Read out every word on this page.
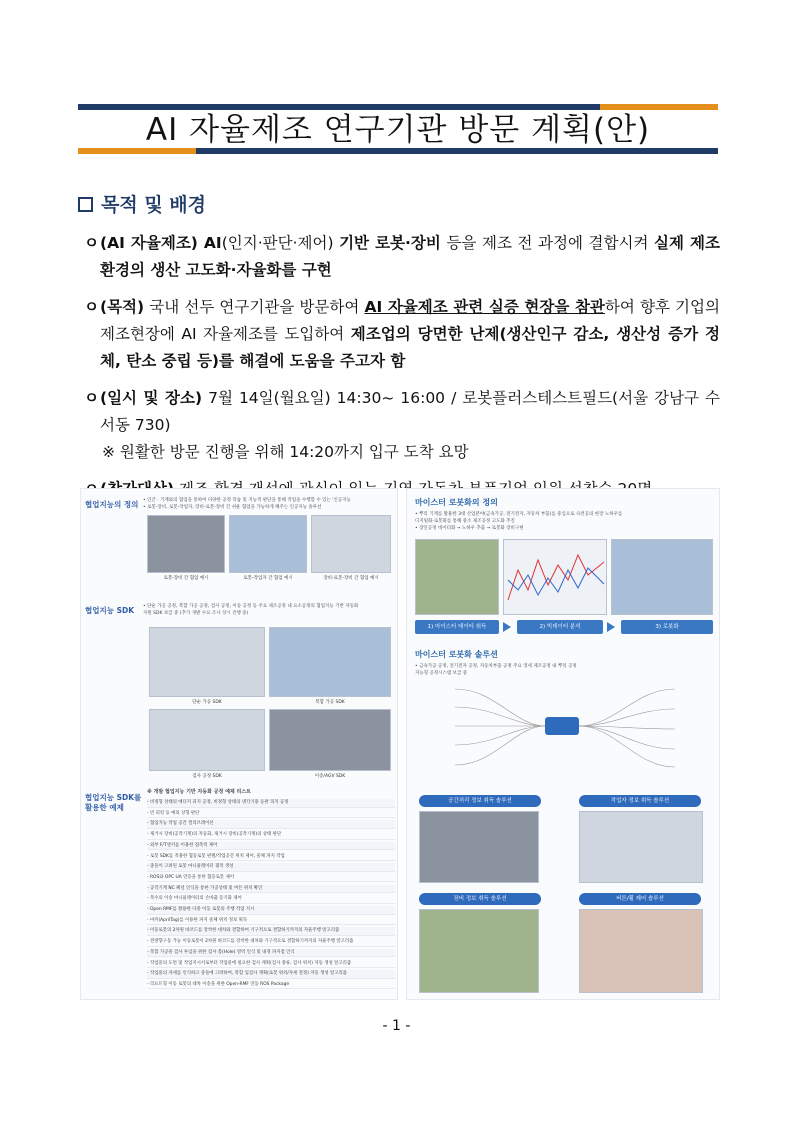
AI 자율제조 연구기관 방문 계획(안)
목적 및 배경
ㅇ (AI 자율제조) AI(인지·판단·제어) 기반 로봇·장비 등을 제조 전 과정에 결합시켜 실제 제조환경의 생산 고도화·자율화를 구현
ㅇ (목적) 국내 선두 연구기관을 방문하여 AI 자율제조 관련 실증 현장을 참관하여 향후 기업의 제조현장에 AI 자율제조를 도입하여 제조업의 당면한 난제(생산인구 감소, 생산성 증가 정체, 탄소 중립 등)를 해결에 도움을 주고자 함
ㅇ (일시 및 장소) 7월 14일(월요일) 14:30~ 16:00 / 로봇플러스테스트필드(서울 강남구 수서동 730)
※ 원활한 방문 진행을 위해 14:20까지 입구 도착 요망
협업지능의 정의 • 인간 · 기계와의 협업을 통하여 다양한 공정 학습 및 지능적 판단을 통해 작업을 수행할 수 있는 '인공지능
• 로봇-장비, 로봇-작업자, 장비-로봇-장비 간 쉬운 협업을 가능하게 해주는 인공지능 솔루션
로봇-장비 간 협업 예시	로봇-작업자 간 협업 예시	장비-로봇-장비 간 협업 예시
협업지능 SDK • 단순 가공 공정, 복합 가공 공정, 검사 공정, 이송 공정 등 주요 제조공정 내 요소공정의 협업지능 기반 자동화
지원 SDK 보급 중 (추가 개발 수요 조사 상시 진행 중)
단순 가공 SDK	복합 가공 SDK
검사 공정 SDK	이송/AGV SDK
협업지능 SDK를 활용한 예제
※ 개발 협업지능 기반 자동화 공정 예제 리스트
- 비정형 상태의 애더지 피지 공정, 비정형 상태의 냉각기용 등판 피지 공정
- 빈 피킹 등 예의 상형 판단
- 협업지능 작업 공간 캘리브레이션
- 제거시 장비(공작기계)의 자동화, 제거시 장비(공작기계)의 상태 판단
- 외부 F/T센서를 이용한 접촉력 제어
- 로봇 SDK를 적용한 협동로봇 판별/작업공간 위치 제어, 물체 파지 작업
- 충돌이 고려된 로봇 마니퓰레이터 궤적 생성
- ROS와 OPC UA 연동을 통한 협동로봇 제어
- 공작기계 NC 패널 인식을 통한 가공상태 및 버튼 위치 확인
- 복수의 이송 마니퓰레이터의 손바꿈 동기화 제어
- Open RMF를 활용한 다중 이동 로봇의 주행 작업 지시
- 마커(AprilTag)를 이용한 파지 물체 위치 정보 획득
- 이동로봇의 2차원 바코드를 장착한 대차와 결합하여 기구적으로 결합하기까지의 자율주행 알고리즘
- 전방향구동 가능 이동로봇이 2차원 바코드를 장착한 대차와 기구적으로 결합하기까지의 자율주행 알고리즘
- 복합 가공물 검사 투입을 위한 검사 홀(Hole) 영역 인식 및 내경 파지점 인식
- 작업물의 도면 및 작업지시서로부터 작업물에 필요한 검사 계획(검사 종류, 검사 위치) 자동 생성 알고리즘
- 작업물의 자세를 인식하고 충돌에 고려하여, 복합 입검사 계획(로봇 위치/자세 결정) 자동 생성 알고리즘
- 리프트형 이동 로봇의 대차 이송을 위한 Open-RMF 연동 ROS Package
마이스터 로봇화의 정의
• 뿌리 기계를 활용한 3대 산업분야(금속가공, 전기전자, 자동차 부품)를 중심으로 숙련공의 현장 노하우를
디지털화·로봇화를 통해 중소 제조공정 고도화 추진
• 장인공정 데이터화 → 노하우 추출 → 로봇화 장비구현
1) 마이스터 데이터 취득	2) 빅데이터 분석	3) 로봇화
마이스터 로봇화 솔루션
• 금속가공 공정, 전기전자 공정, 자동차부품 공정 주요 영세 제조공정 내 뿌리 공정
지능형 공정시스템 보급 중
공간처리 정보 취득 솔루션	작업자 정보 취득 솔루션
장비 정보 취득 솔루션	버튼/휠 제어 솔루션
- 1 -
